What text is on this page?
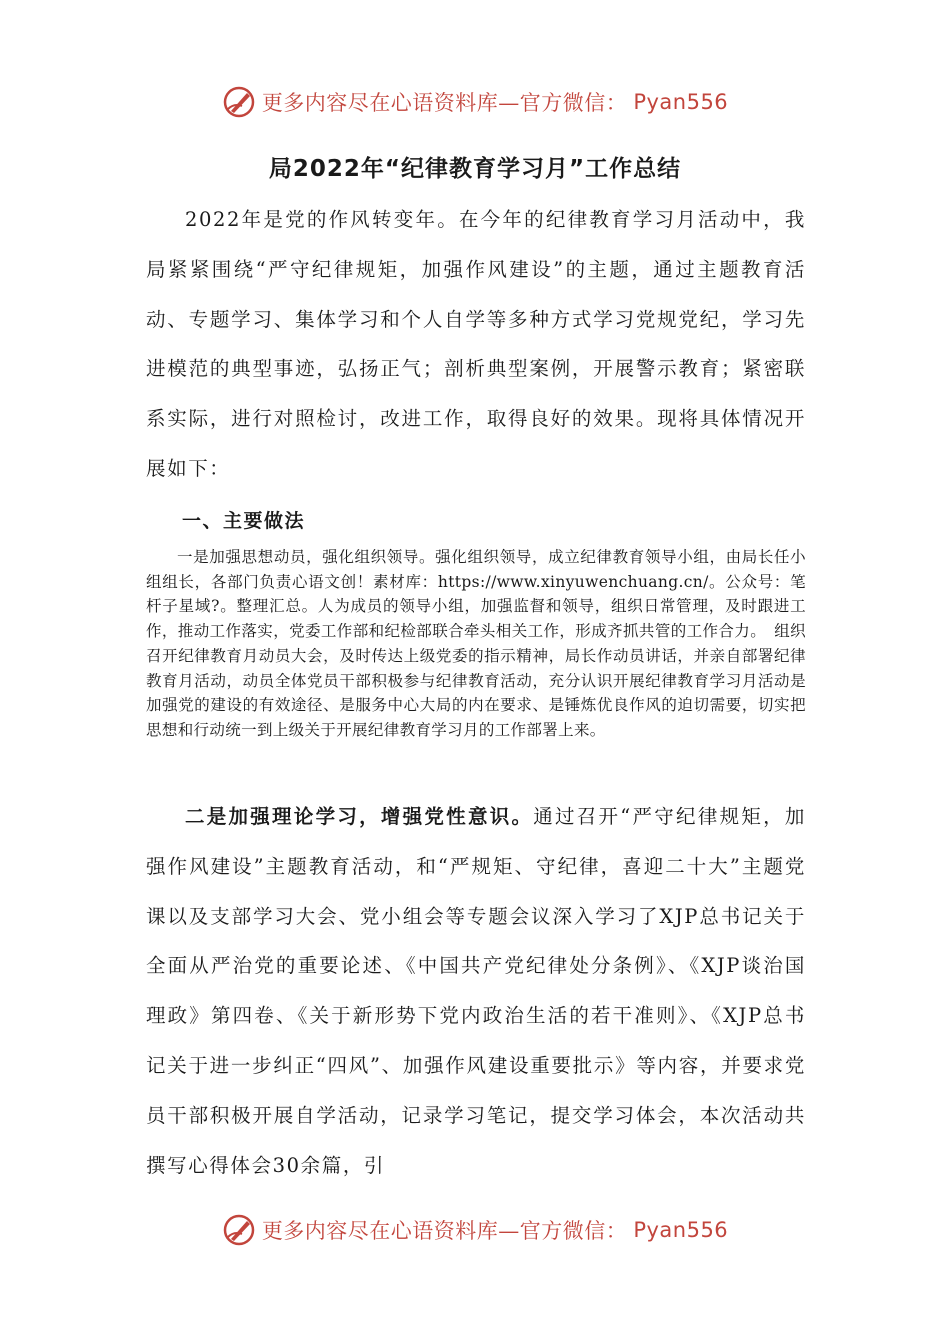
更多内容尽在心语资料库—官方微信： Pyan556
局2022年“纪律教育学习月”工作总结
2022年是党的作风转变年。在今年的纪律教育学习月活动中，我局紧紧围绕“严守纪律规矩，加强作风建设”的主题，通过主题教育活动、专题学习、集体学习和个人自学等多种方式学习党规党纪，学习先进模范的典型事迹，弘扬正气；剖析典型案例，开展警示教育；紧密联系实际，进行对照检讨，改进工作，取得良好的效果。现将具体情况开展如下：
一、主要做法
一是加强思想动员，强化组织领导。强化组织领导，成立纪律教育领导小组，由局长任小组组长，各部门负责心语文创！素材库：https://www.xinyuwenchuang.cn/。公众号：笔杆子星域?。整理汇总。人为成员的领导小组，加强监督和领导，组织日常管理，及时跟进工作，推动工作落实，党委工作部和纪检部联合牵头相关工作，形成齐抓共管的工作合力。　组织召开纪律教育月动员大会，及时传达上级党委的指示精神，局长作动员讲话，并亲自部署纪律教育月活动，动员全体党员干部积极参与纪律教育活动，充分认识开展纪律教育学习月活动是加强党的建设的有效途径、是服务中心大局的内在要求、是锤炼优良作风的迫切需要，切实把思想和行动统一到上级关于开展纪律教育学习月的工作部署上来。
二是加强理论学习，增强党性意识。通过召开“严守纪律规矩，加强作风建设”主题教育活动，和“严规矩、守纪律，喜迎二十大”主题党课以及支部学习大会、党小组会等专题会议深入学习了XJP总书记关于全面从严治党的重要论述、《中国共产党纪律处分条例》、《XJP谈治国理政》第四卷、《关于新形势下党内政治生活的若干准则》、《XJP总书记关于进一步纠正“四风”、加强作风建设重要批示》等内容，并要求党员干部积极开展自学活动，记录学习笔记，提交学习体会，本次活动共撰写心得体会30余篇，引
更多内容尽在心语资料库—官方微信： Pyan556
